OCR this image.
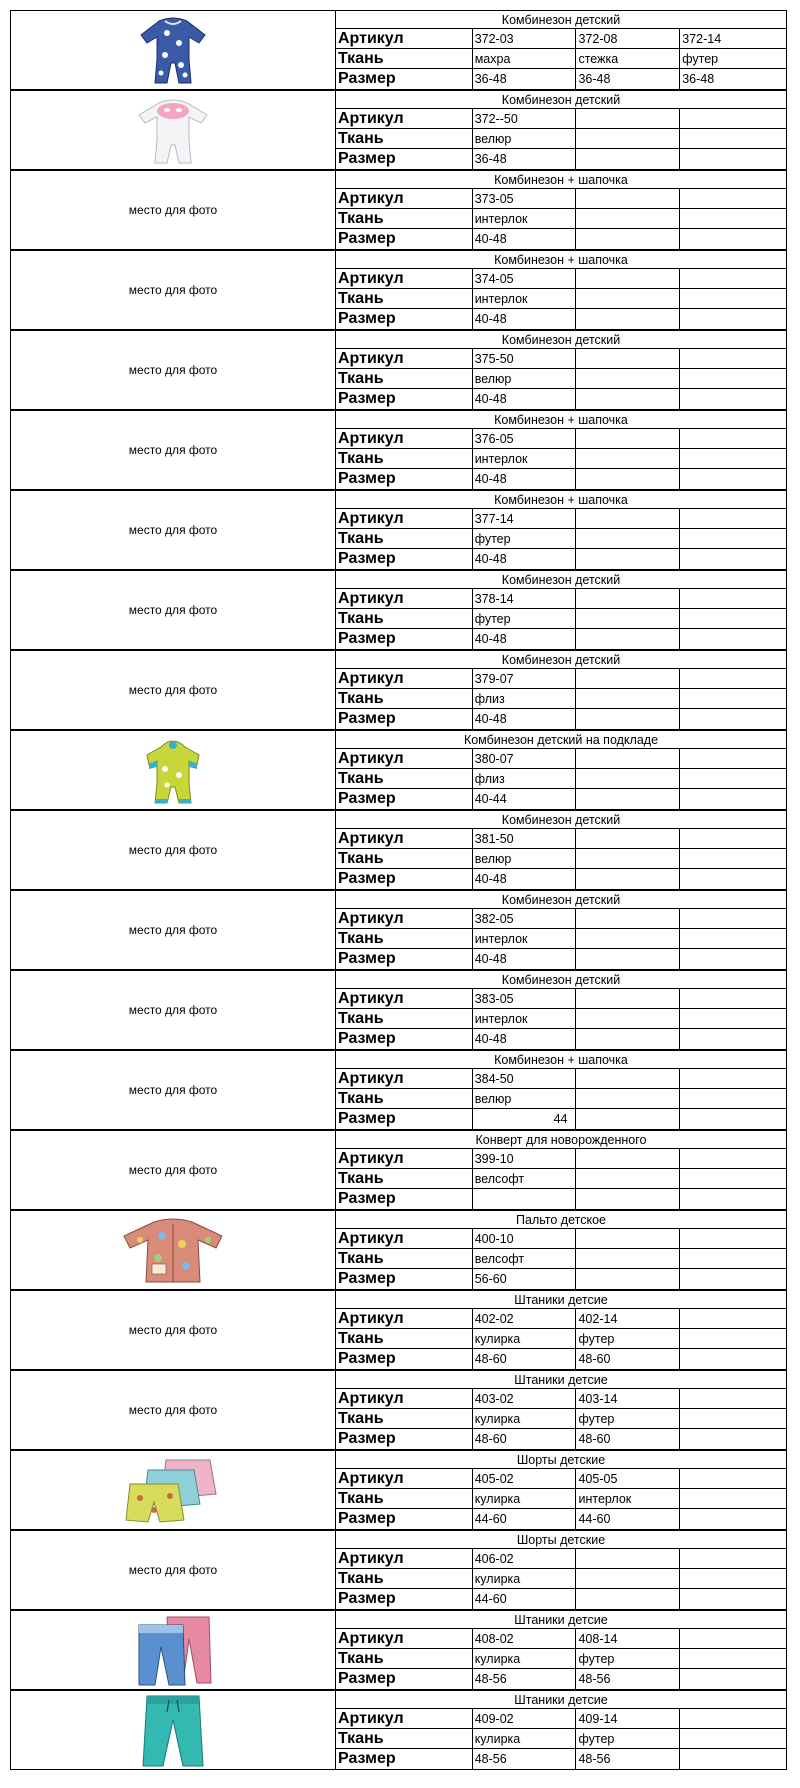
Комбинезон детский
Артикул	372-03	372-08	372-14
Ткань	махра	стежка	футер
Размер	36-48	36-48	36-48
Комбинезон детский
Артикул	372--50
Ткань	велюр
Размер	36-48
место для фото
Комбинезон + шапочка
Артикул	373-05
Ткань	интерлок
Размер	40-48
место для фото
Комбинезон + шапочка
Артикул	374-05
Ткань	интерлок
Размер	40-48
место для фото
Комбинезон детский
Артикул	375-50
Ткань	велюр
Размер	40-48
место для фото
Комбинезон + шапочка
Артикул	376-05
Ткань	интерлок
Размер	40-48
место для фото
Комбинезон + шапочка
Артикул	377-14
Ткань	футер
Размер	40-48
место для фото
Комбинезон детский
Артикул	378-14
Ткань	футер
Размер	40-48
место для фото
Комбинезон детский
Артикул	379-07
Ткань	флиз
Размер	40-48
Комбинезон детский на подкладе
Артикул	380-07
Ткань	флиз
Размер	40-44
место для фото
Комбинезон детский
Артикул	381-50
Ткань	велюр
Размер	40-48
место для фото
Комбинезон детский
Артикул	382-05
Ткань	интерлок
Размер	40-48
место для фото
Комбинезон детский
Артикул	383-05
Ткань	интерлок
Размер	40-48
место для фото
Комбинезон + шапочка
Артикул	384-50
Ткань	велюр
Размер	44
место для фото
Конверт для новорожденного
Артикул	399-10
Ткань	велсофт
Размер
Пальто детское
Артикул	400-10
Ткань	велсофт
Размер	56-60
место для фото
Штаники детсие
Артикул	402-02	402-14
Ткань	кулирка	футер
Размер	48-60	48-60
место для фото
Штаники детсие
Артикул	403-02	403-14
Ткань	кулирка	футер
Размер	48-60	48-60
Шорты детские
Артикул	405-02	405-05
Ткань	кулирка	интерлок
Размер	44-60	44-60
место для фото
Шорты детские
Артикул	406-02
Ткань	кулирка
Размер	44-60
Штаники детсие
Артикул	408-02	408-14
Ткань	кулирка	футер
Размер	48-56	48-56
Штаники детсие
Артикул	409-02	409-14
Ткань	кулирка	футер
Размер	48-56	48-56
